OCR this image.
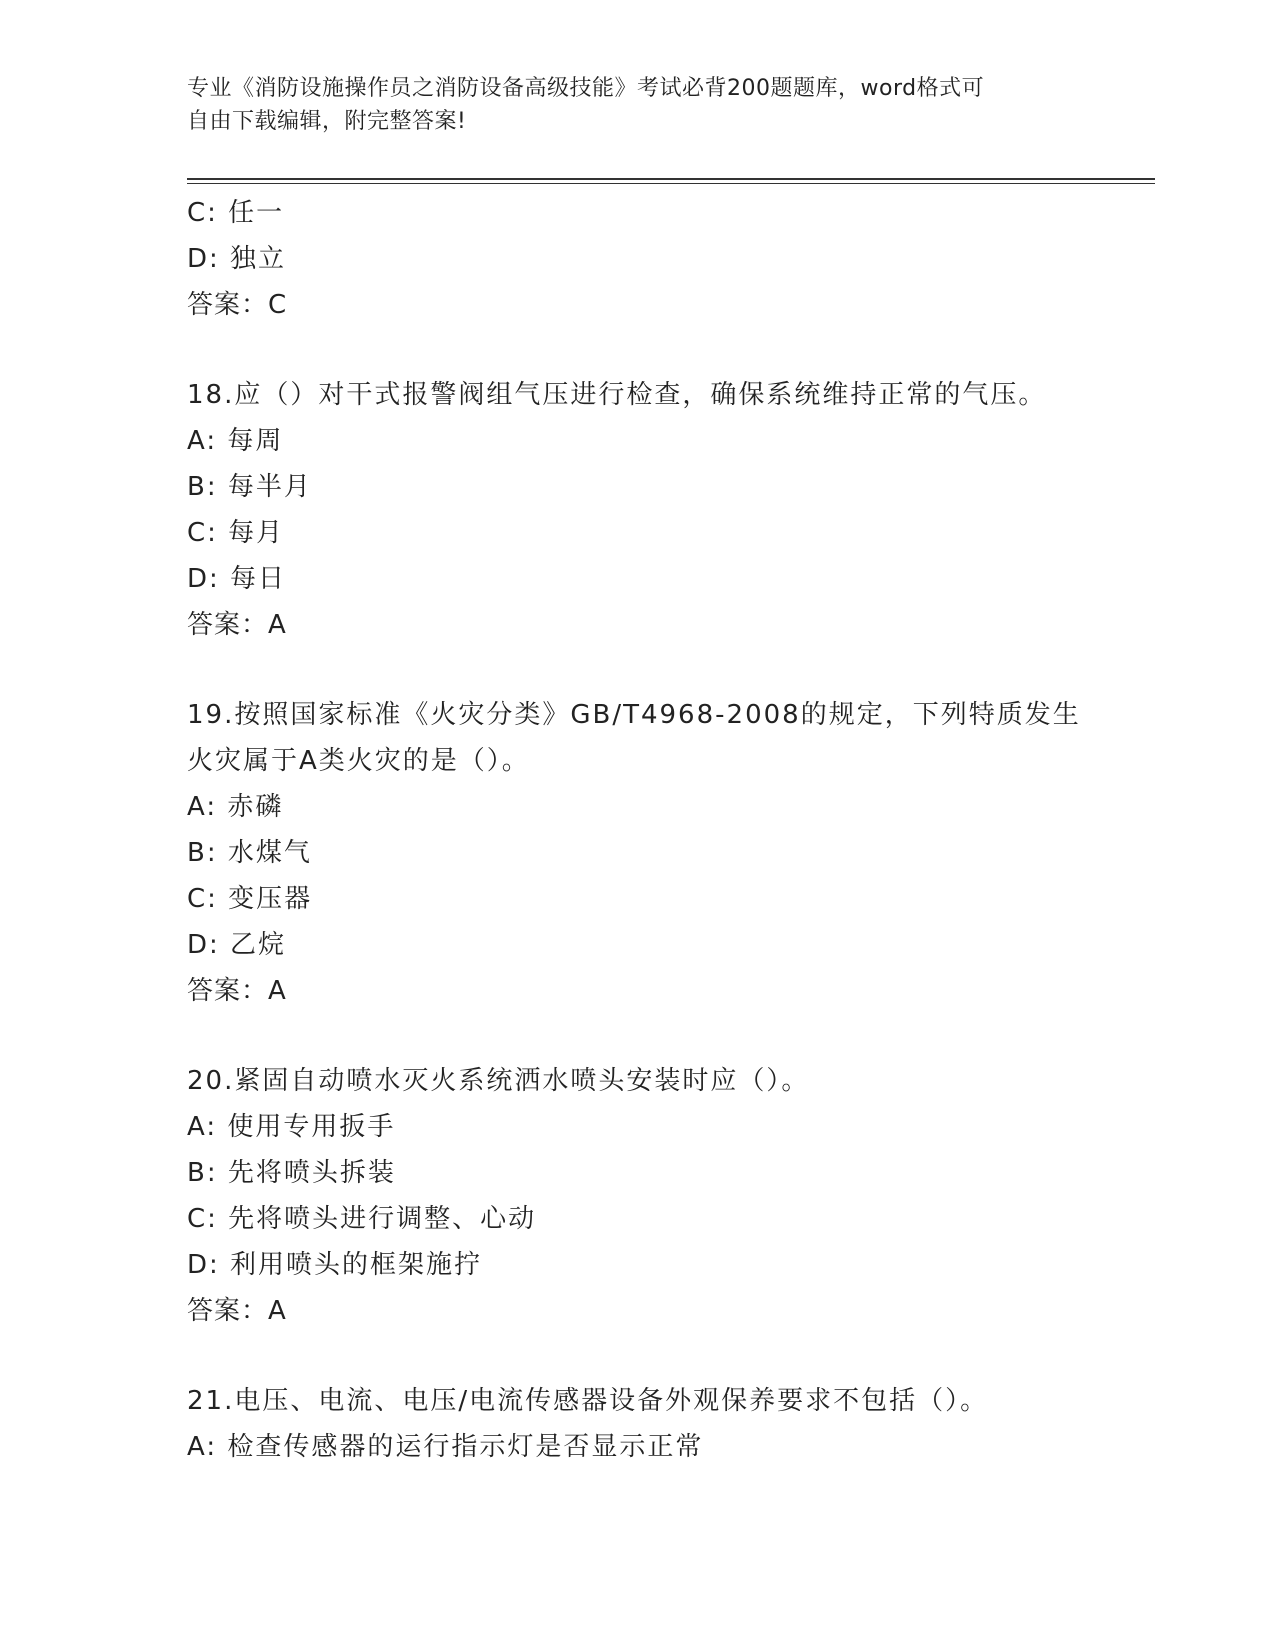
专业《消防设施操作员之消防设备高级技能》考试必背200题题库，word格式可
自由下载编辑，附完整答案!
C: 任一
D: 独立
答案：C
18.应（）对干式报警阀组气压进行检查，确保系统维持正常的气压。
A: 每周
B: 每半月
C: 每月
D: 每日
答案：A
19.按照国家标准《火灾分类》GB/T4968-2008的规定，下列特质发生
火灾属于A类火灾的是（）。
A: 赤磷
B: 水煤气
C: 变压器
D: 乙烷
答案：A
20.紧固自动喷水灭火系统洒水喷头安装时应（）。
A: 使用专用扳手
B: 先将喷头拆装
C: 先将喷头进行调整、心动
D: 利用喷头的框架施拧
答案：A
21.电压、电流、电压/电流传感器设备外观保养要求不包括（）。
A: 检查传感器的运行指示灯是否显示正常
